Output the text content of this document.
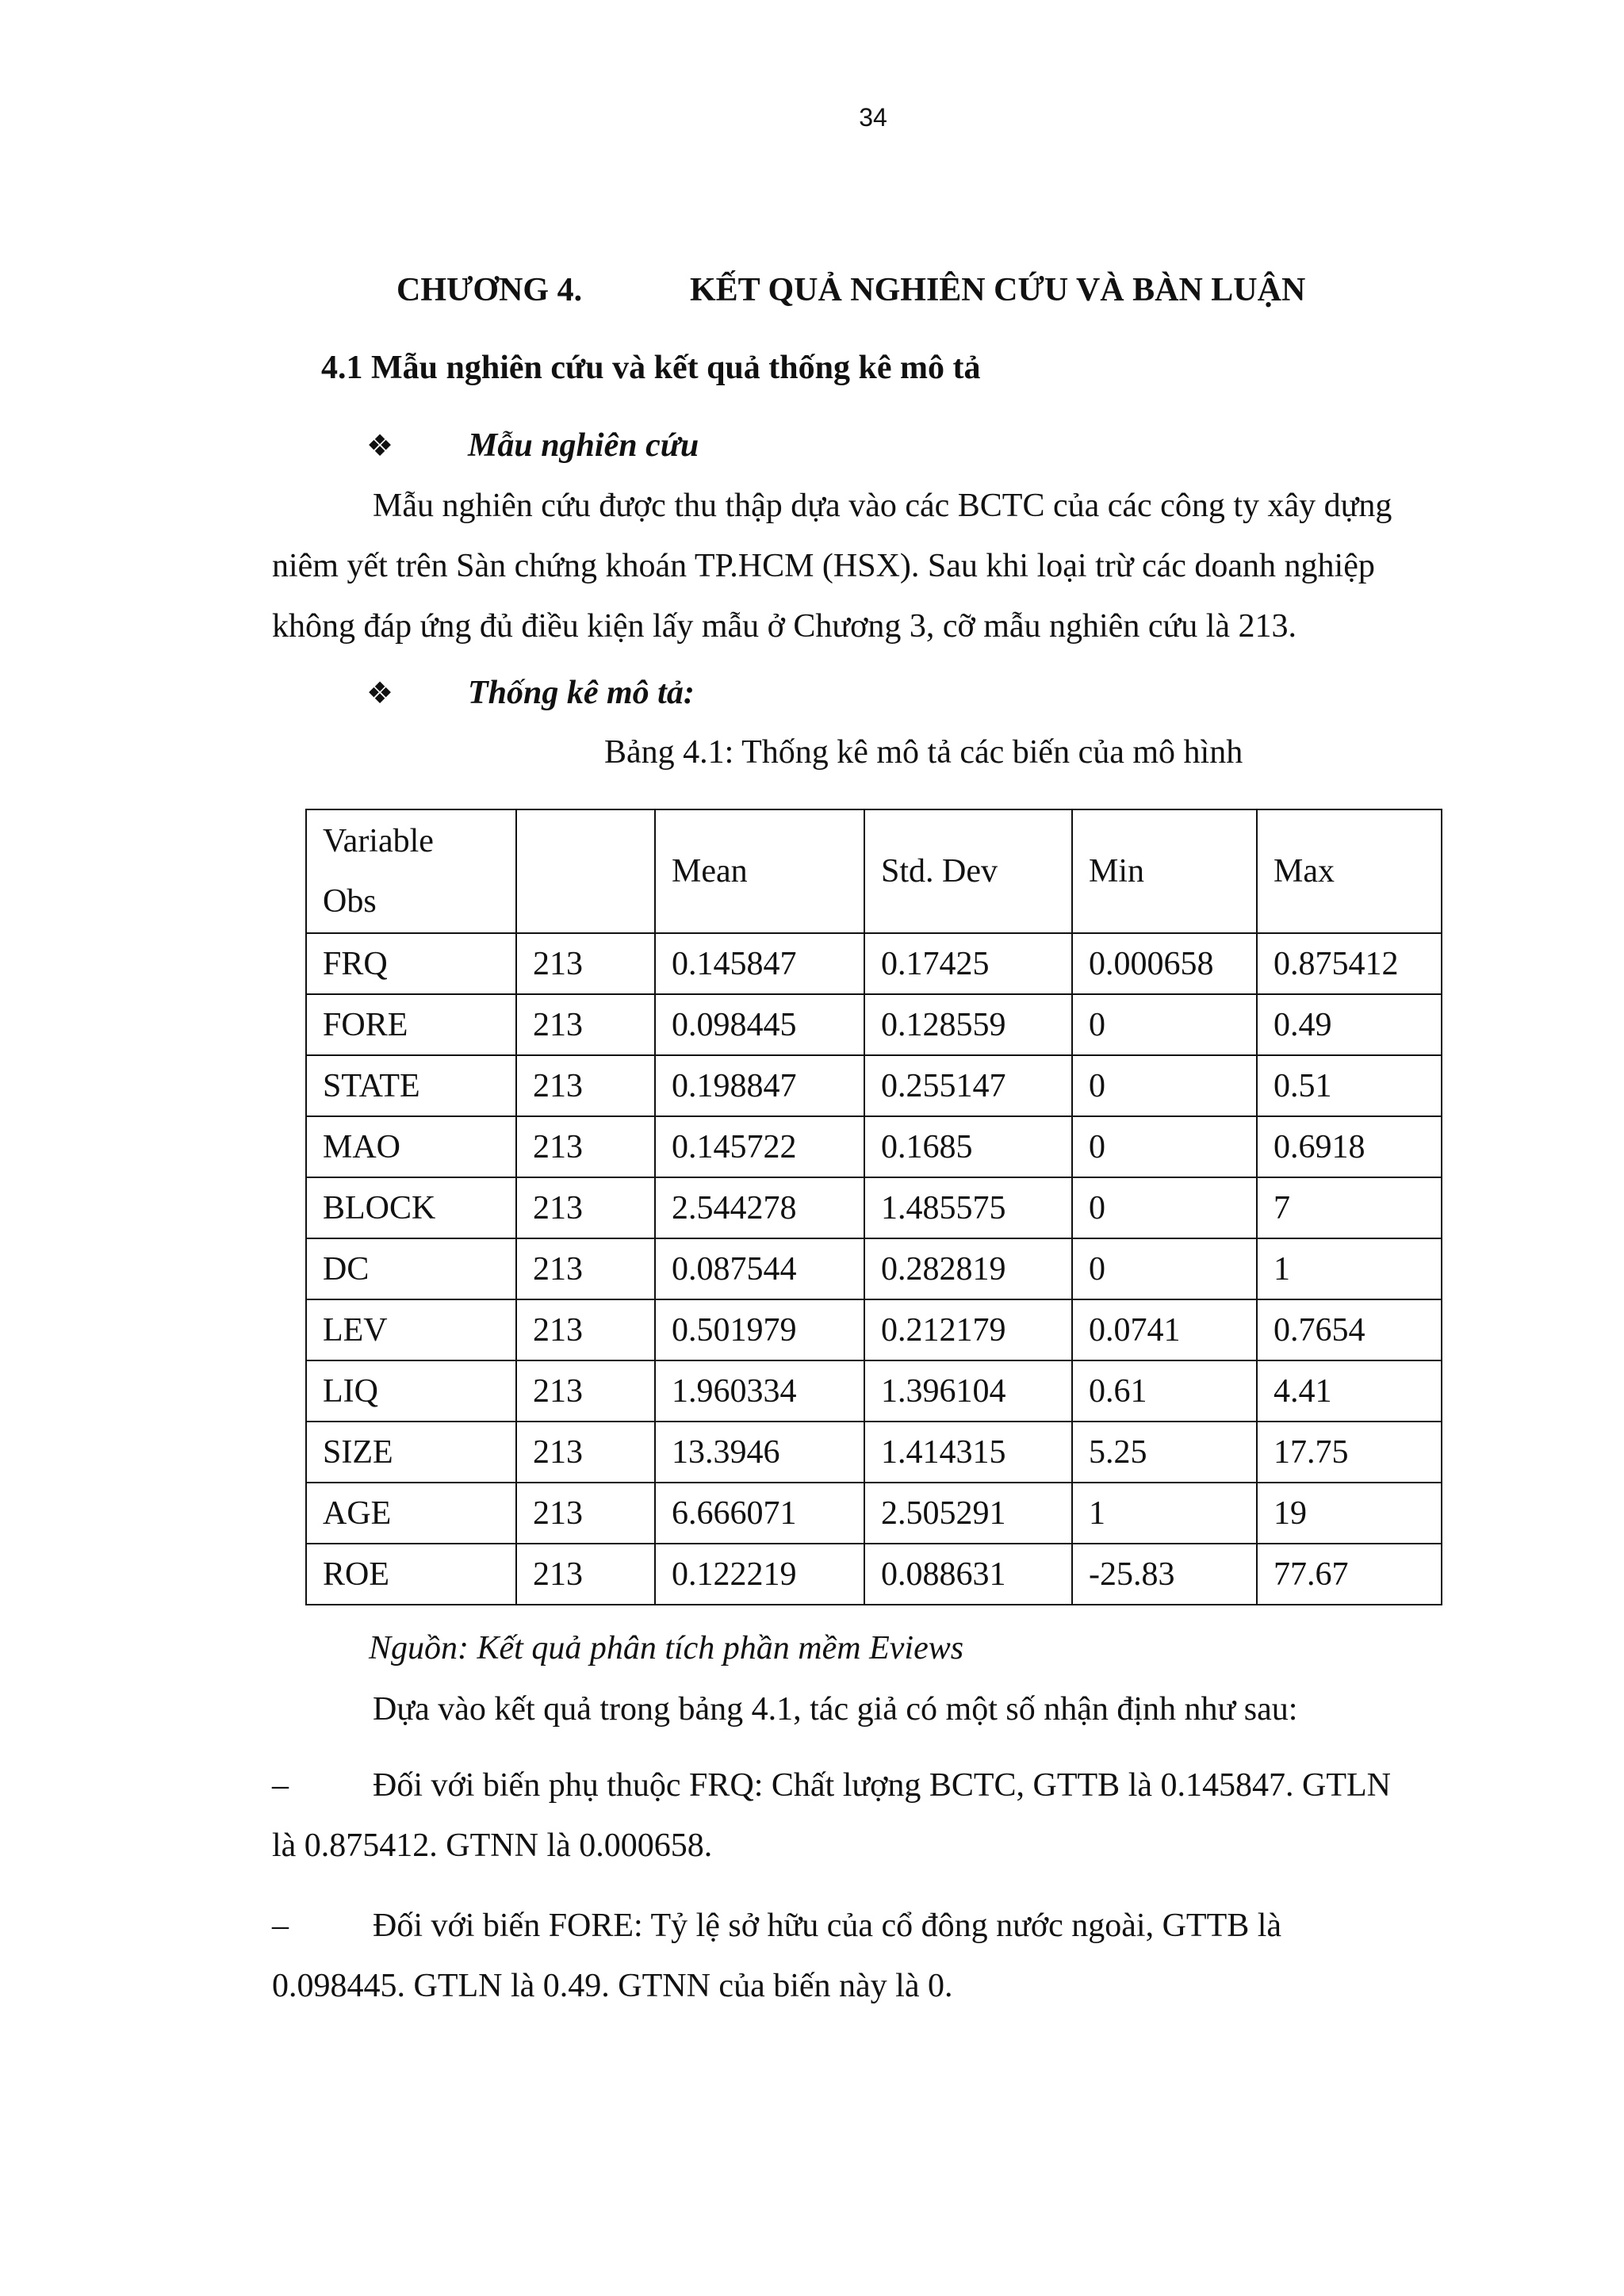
34
CHƯƠNG 4.	KẾT QUẢ NGHIÊN CỨU VÀ BÀN LUẬN
4.1 Mẫu nghiên cứu và kết quả thống kê mô tả
❖ Mẫu nghiên cứu
Mẫu nghiên cứu được thu thập dựa vào các BCTC của các công ty xây dựng
niêm yết trên Sàn chứng khoán TP.HCM (HSX). Sau khi loại trừ các doanh nghiệp
không đáp ứng đủ điều kiện lấy mẫu ở Chương 3, cỡ mẫu nghiên cứu là 213.
❖ Thống kê mô tả:
Bảng 4.1: Thống kê mô tả các biến của mô hình
Variable
Obs		Mean	Std. Dev	Min	Max
FRQ	213	0.145847	0.17425	0.000658	0.875412
FORE	213	0.098445	0.128559	0	0.49
STATE	213	0.198847	0.255147	0	0.51
MAO	213	0.145722	0.1685	0	0.6918
BLOCK	213	2.544278	1.485575	0	7
DC	213	0.087544	0.282819	0	1
LEV	213	0.501979	0.212179	0.0741	0.7654
LIQ	213	1.960334	1.396104	0.61	4.41
SIZE	213	13.3946	1.414315	5.25	17.75
AGE	213	6.666071	2.505291	1	19
ROE	213	0.122219	0.088631	-25.83	77.67
Nguồn: Kết quả phân tích phần mềm Eviews
Dựa vào kết quả trong bảng 4.1, tác giả có một số nhận định như sau:
–	Đối với biến phụ thuộc FRQ: Chất lượng BCTC, GTTB là 0.145847. GTLN
là 0.875412. GTNN là 0.000658.
–	Đối với biến FORE: Tỷ lệ sở hữu của cổ đông nước ngoài, GTTB là
0.098445. GTLN là 0.49. GTNN của biến này là 0.
